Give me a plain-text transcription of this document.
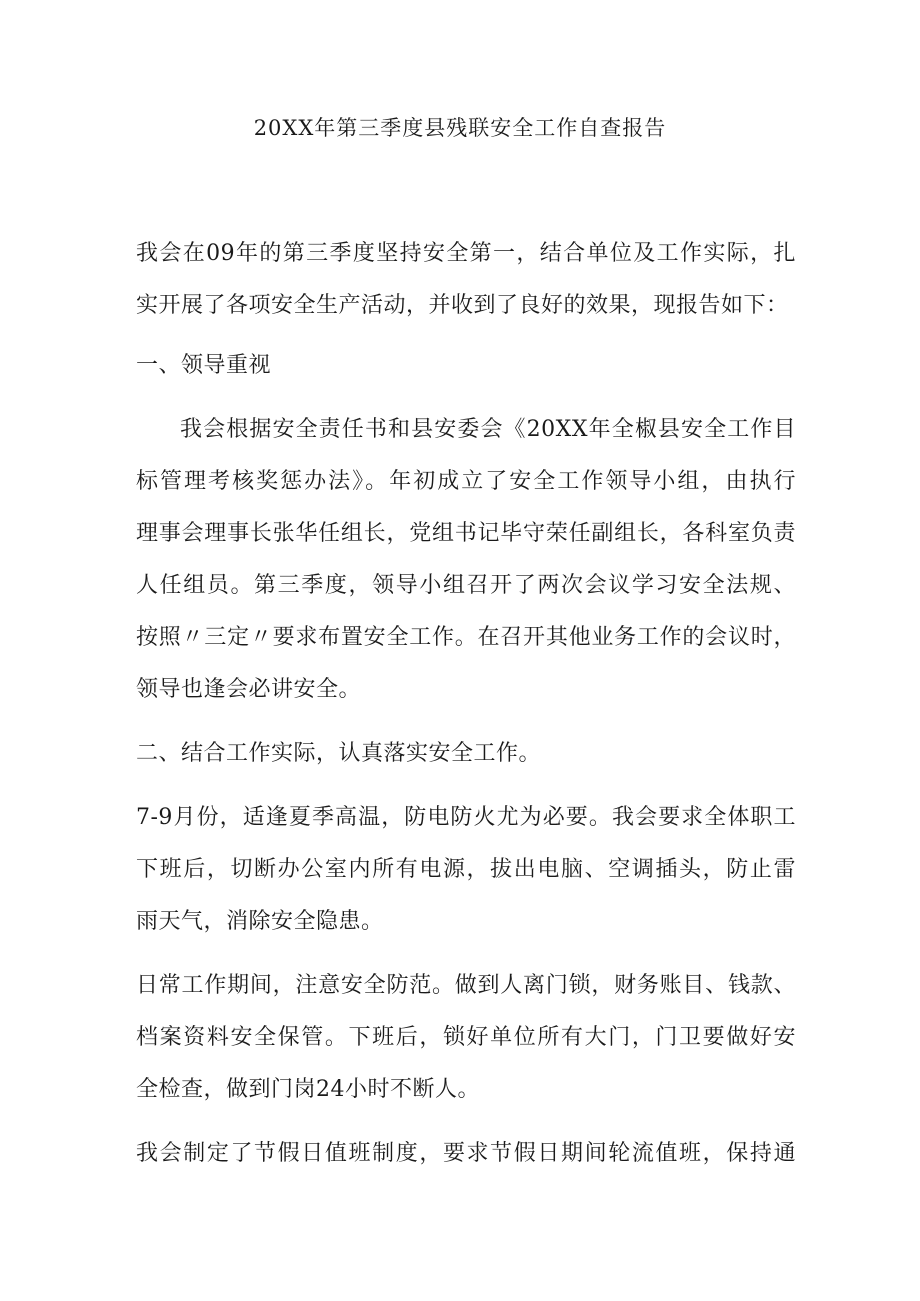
20XX年第三季度县残联安全工作自查报告
我会在09年的第三季度坚持安全第一，结合单位及工作实际，扎
实开展了各项安全生产活动，并收到了良好的效果，现报告如下：
一、领导重视
我会根据安全责任书和县安委会《20XX年全椒县安全工作目
标管理考核奖惩办法》。年初成立了安全工作领导小组，由执行
理事会理事长张华任组长，党组书记毕守荣任副组长，各科室负责
人任组员。第三季度，领导小组召开了两次会议学习安全法规、
按照〃三定〃要求布置安全工作。在召开其他业务工作的会议时，
领导也逢会必讲安全。
二、结合工作实际，认真落实安全工作。
7-9月份，适逢夏季高温，防电防火尤为必要。我会要求全体职工
下班后，切断办公室内所有电源，拔出电脑、空调插头，防止雷
雨天气，消除安全隐患。
日常工作期间，注意安全防范。做到人离门锁，财务账目、钱款、
档案资料安全保管。下班后，锁好单位所有大门，门卫要做好安
全检查，做到门岗24小时不断人。
我会制定了节假日值班制度，要求节假日期间轮流值班，保持通
